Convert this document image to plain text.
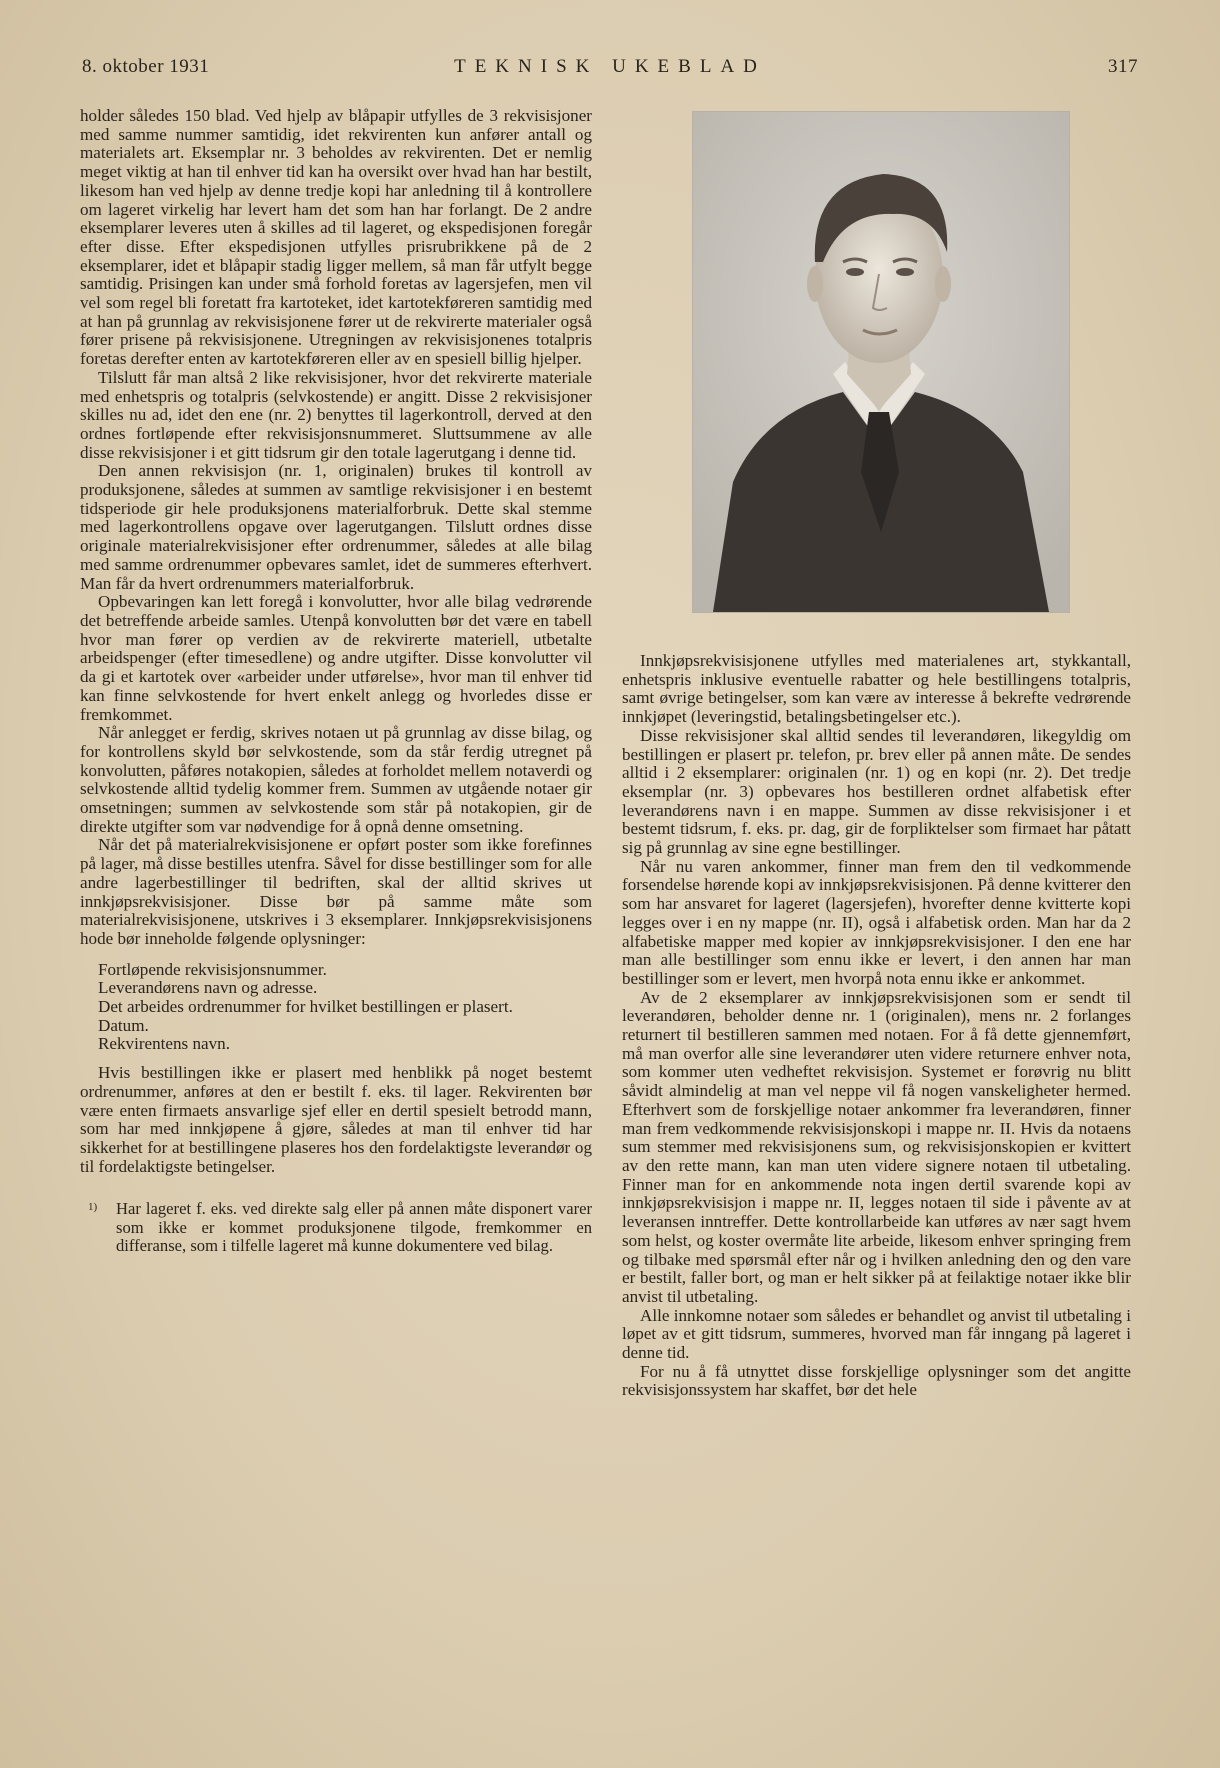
8. oktober 1931	TEKNISK UKEBLAD	317

holder således 150 blad. Ved hjelp av blåpapir utfylles de 3 rekvisisjoner med samme nummer samtidig, idet rekvirenten kun anfører antall og materialets art. Eksemplar nr. 3 beholdes av rekvirenten. Det er nemlig meget viktig at han til enhver tid kan ha oversikt over hvad han har bestilt, likesom han ved hjelp av denne tredje kopi har anledning til å kontrollere om lageret virkelig har levert ham det som han har forlangt. De 2 andre eksemplarer leveres uten å skilles ad til lageret, og ekspedisjonen foregår efter disse. Efter ekspedisjonen utfylles prisrubrikkene på de 2 eksemplarer, idet et blåpapir stadig ligger mellem, så man får utfylt begge samtidig. Prisingen kan under små forhold foretas av lagersjefen, men vil vel som regel bli foretatt fra kartoteket, idet kartotekføreren samtidig med at han på grunnlag av rekvisisjonene fører ut de rekvirerte materialer også fører prisene på rekvisisjonene. Utregningen av rekvisisjonenes totalpris foretas derefter enten av kartotekføreren eller av en spesiell billig hjelper.

Tilslutt får man altså 2 like rekvisisjoner, hvor det rekvirerte materiale med enhetspris og totalpris (selvkostende) er angitt. Disse 2 rekvisisjoner skilles nu ad, idet den ene (nr. 2) benyttes til lagerkontroll, derved at den ordnes fortløpende efter rekvisisjonsnummeret. Sluttsummene av alle disse rekvisisjoner i et gitt tidsrum gir den totale lagerutgang i denne tid.

Den annen rekvisisjon (nr. 1, originalen) brukes til kontroll av produksjonene, således at summen av samtlige rekvisisjoner i en bestemt tidsperiode gir hele produksjonens materialforbruk. Dette skal stemme med lagerkontrollens opgave over lagerutgangen. Tilslutt ordnes disse originale materialrekvisisjoner efter ordrenummer, således at alle bilag med samme ordrenummer opbevares samlet, idet de summeres efterhvert. Man får da hvert ordrenummers materialforbruk.

Opbevaringen kan lett foregå i konvolutter, hvor alle bilag vedrørende det betreffende arbeide samles. Utenpå konvolutten bør det være en tabell hvor man fører op verdien av de rekvirerte materiell, utbetalte arbeidspenger (efter timesedlene) og andre utgifter. Disse konvolutter vil da gi et kartotek over «arbeider under utførelse», hvor man til enhver tid kan finne selvkostende for hvert enkelt anlegg og hvorledes disse er fremkommet.

Når anlegget er ferdig, skrives notaen ut på grunnlag av disse bilag, og for kontrollens skyld bør selvkostende, som da står ferdig utregnet på konvolutten, påføres notakopien, således at forholdet mellem notaverdi og selvkostende alltid tydelig kommer frem. Summen av utgående notaer gir omsetningen; summen av selvkostende som står på notakopien, gir de direkte utgifter som var nødvendige for å opnå denne omsetning.

Når det på materialrekvisisjonene er opført poster som ikke forefinnes på lager, må disse bestilles utenfra. Såvel for disse bestillinger som for alle andre lagerbestillinger til bedriften, skal der alltid skrives ut innkjøpsrekvisisjoner. Disse bør på samme måte som materialrekvisisjonene, utskrives i 3 eksemplarer. Innkjøpsrekvisisjonens hode bør inneholde følgende oplysninger:

Fortløpende rekvisisjonsnummer.
Leverandørens navn og adresse.
Det arbeides ordrenummer for hvilket bestillingen er plasert.
Datum.
Rekvirentens navn.

Hvis bestillingen ikke er plasert med henblikk på noget bestemt ordrenummer, anføres at den er bestilt f. eks. til lager. Rekvirenten bør være enten firmaets ansvarlige sjef eller en dertil spesielt betrodd mann, som har med innkjøpene å gjøre, således at man til enhver tid har sikkerhet for at bestillingene plaseres hos den fordelaktigste leverandør og til fordelaktigste betingelser.

1)	Har lageret f. eks. ved direkte salg eller på annen måte disponert varer som ikke er kommet produksjonene tilgode, fremkommer en differanse, som i tilfelle lageret må kunne dokumentere ved bilag.

Innkjøpsrekvisisjonene utfylles med materialenes art, stykkantall, enhetspris inklusive eventuelle rabatter og hele bestillingens totalpris, samt øvrige betingelser, som kan være av interesse å bekrefte vedrørende innkjøpet (leveringstid, betalingsbetingelser etc.).

Disse rekvisisjoner skal alltid sendes til leverandøren, likegyldig om bestillingen er plasert pr. telefon, pr. brev eller på annen måte. De sendes alltid i 2 eksemplarer: originalen (nr. 1) og en kopi (nr. 2). Det tredje eksemplar (nr. 3) opbevares hos bestilleren ordnet alfabetisk efter leverandørens navn i en mappe. Summen av disse rekvisisjoner i et bestemt tidsrum, f. eks. pr. dag, gir de forpliktelser som firmaet har påtatt sig på grunnlag av sine egne bestillinger.

Når nu varen ankommer, finner man frem den til vedkommende forsendelse hørende kopi av innkjøpsrekvisisjonen. På denne kvitterer den som har ansvaret for lageret (lagersjefen), hvorefter denne kvitterte kopi legges over i en ny mappe (nr. II), også i alfabetisk orden. Man har da 2 alfabetiske mapper med kopier av innkjøpsrekvisisjoner. I den ene har man alle bestillinger som ennu ikke er levert, i den annen har man bestillinger som er levert, men hvorpå nota ennu ikke er ankommet.

Av de 2 eksemplarer av innkjøpsrekvisisjonen som er sendt til leverandøren, beholder denne nr. 1 (originalen), mens nr. 2 forlanges returnert til bestilleren sammen med notaen. For å få dette gjennemført, må man overfor alle sine leverandører uten videre returnere enhver nota, som kommer uten vedheftet rekvisisjon. Systemet er forøvrig nu blitt såvidt almindelig at man vel neppe vil få nogen vanskeligheter hermed. Efterhvert som de forskjellige notaer ankommer fra leverandøren, finner man frem vedkommende rekvisisjonskopi i mappe nr. II. Hvis da notaens sum stemmer med rekvisisjonens sum, og rekvisisjonskopien er kvittert av den rette mann, kan man uten videre signere notaen til utbetaling. Finner man for en ankommende nota ingen dertil svarende kopi av innkjøpsrekvisisjon i mappe nr. II, legges notaen til side i påvente av at leveransen inntreffer. Dette kontrollarbeide kan utføres av nær sagt hvem som helst, og koster overmåte lite arbeide, likesom enhver springing frem og tilbake med spørsmål efter når og i hvilken anledning den og den vare er bestilt, faller bort, og man er helt sikker på at feilaktige notaer ikke blir anvist til utbetaling.

Alle innkomne notaer som således er behandlet og anvist til utbetaling i løpet av et gitt tidsrum, summeres, hvorved man får inngang på lageret i denne tid.

For nu å få utnyttet disse forskjellige oplysninger som det angitte rekvisisjonssystem har skaffet, bør det hele
